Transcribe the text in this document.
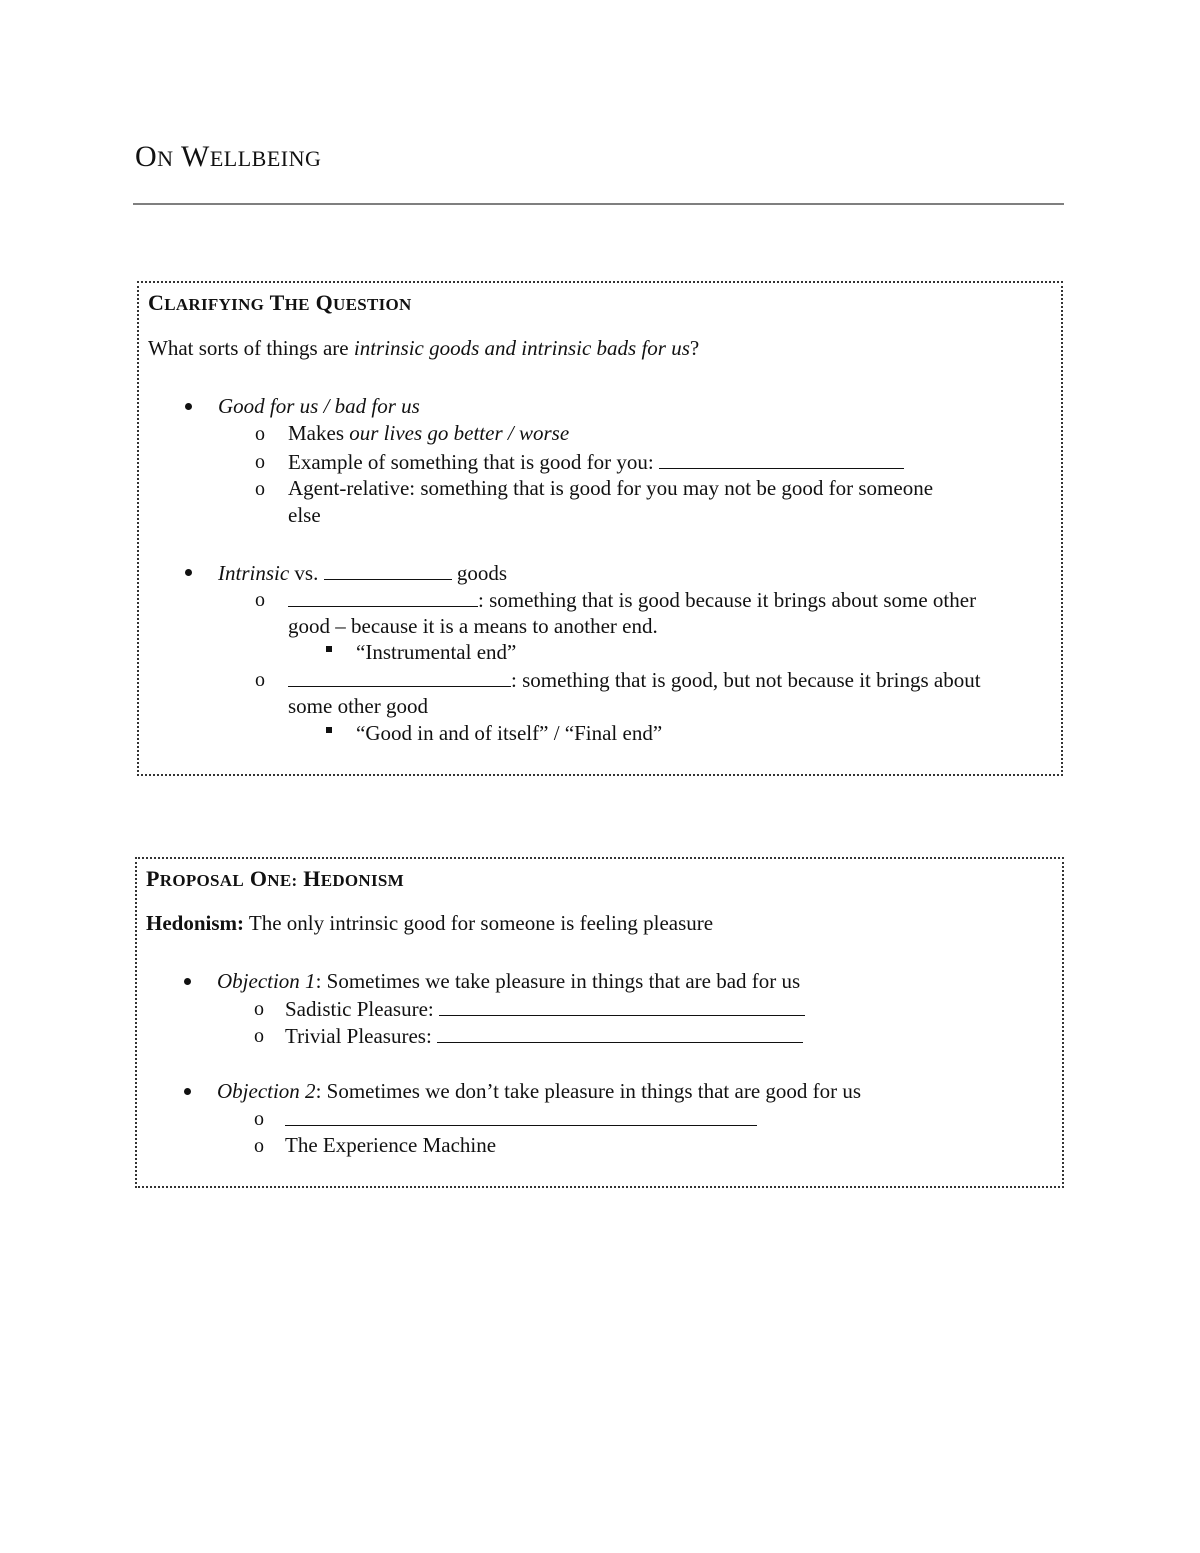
ON WELLBEING
CLARIFYING THE QUESTION
What sorts of things are intrinsic goods and intrinsic bads for us?
Good for us / bad for us
o Makes our lives go better / worse
o Example of something that is good for you:
o Agent-relative: something that is good for you may not be good for someone
else
Intrinsic vs.	goods
o	: something that is good because it brings about some other
good – because it is a means to another end.
“Instrumental end”
o	: something that is good, but not because it brings about
some other good
“Good in and of itself” / “Final end”
PROPOSAL ONE: HEDONISM
Hedonism: The only intrinsic good for someone is feeling pleasure
Objection 1: Sometimes we take pleasure in things that are bad for us
o Sadistic Pleasure:
o Trivial Pleasures:
Objection 2: Sometimes we don’t take pleasure in things that are good for us
o
o The Experience Machine
